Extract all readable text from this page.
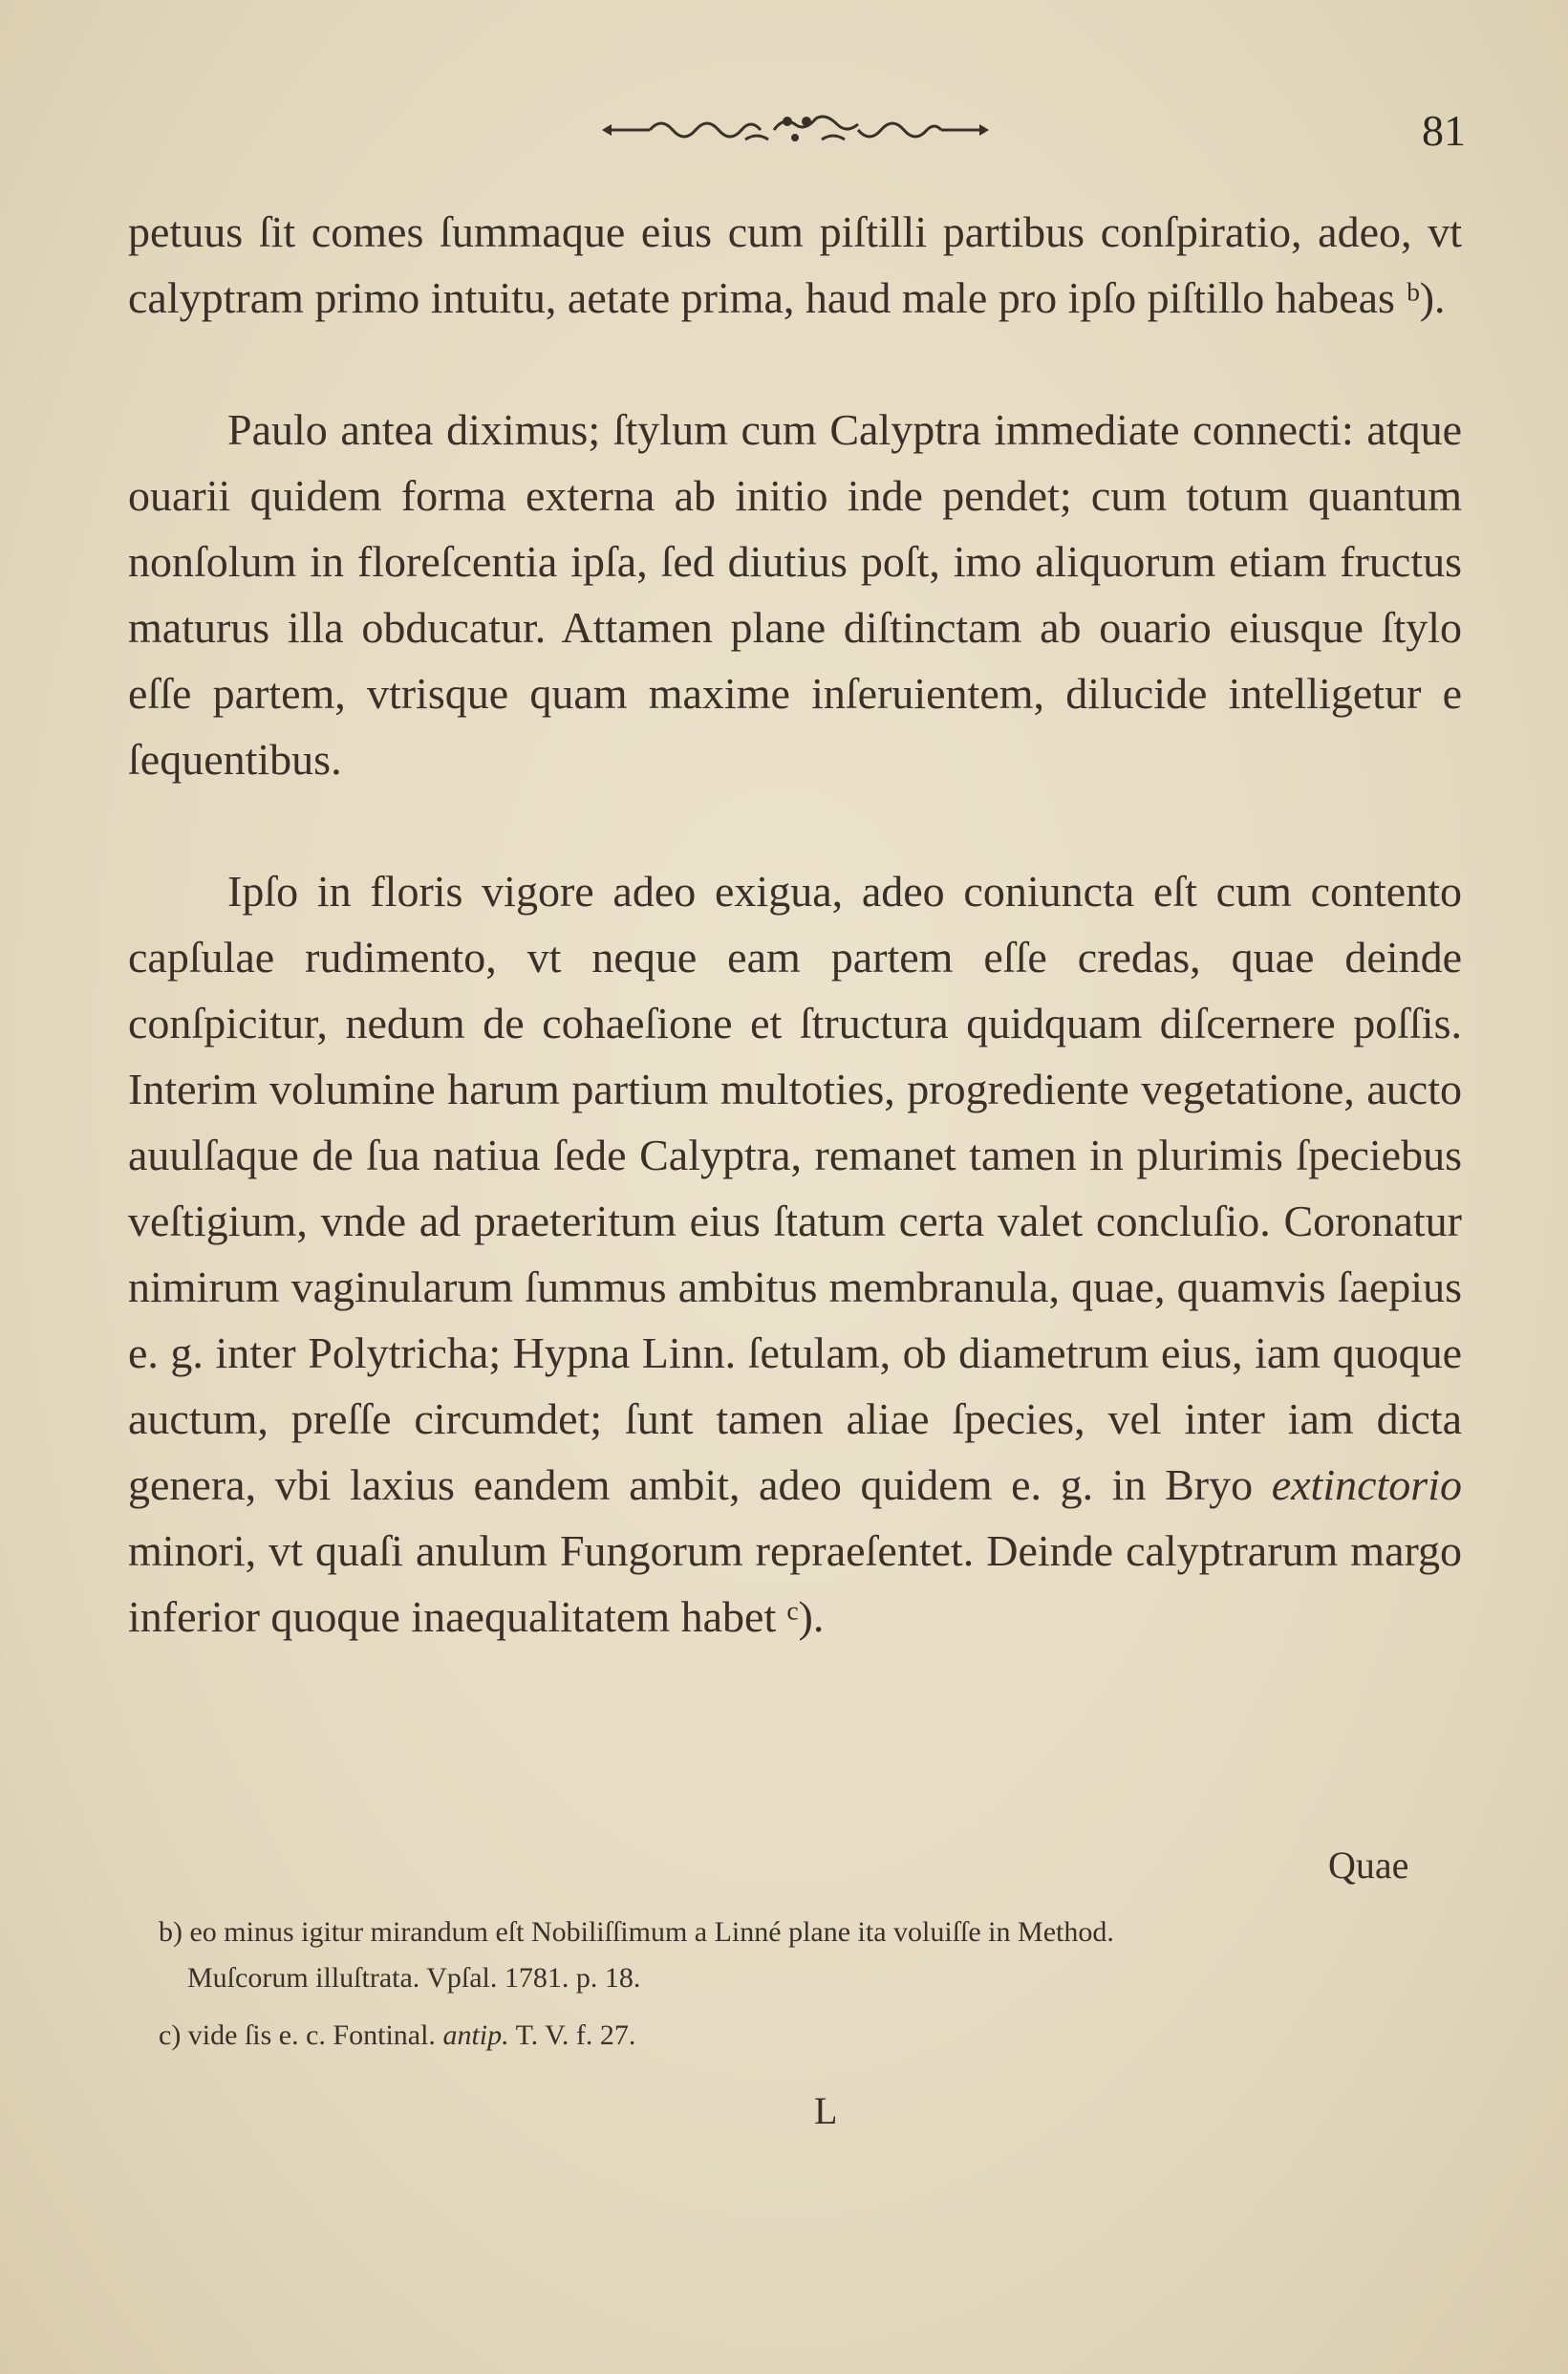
81

petuus ſit comes ſummaque eius cum piſtilli partibus conſpiratio, adeo, vt calyptram primo intuitu, aetate prima, haud male pro ipſo piſtillo habeas ᵇ).

Paulo antea diximus; ſtylum cum Calyptra immediate connecti: atque ouarii quidem forma externa ab initio inde pendet; cum totum quantum nonſolum in floreſcentia ipſa, ſed diutius poſt, imo aliquorum etiam fructus maturus illa obducatur. Attamen plane diſtinctam ab ouario eiusque ſtylo eſſe partem, vtrisque quam maxime inſeruientem, dilucide intelligetur e ſequentibus.

Ipſo in floris vigore adeo exigua, adeo coniuncta eſt cum contento capſulae rudimento, vt neque eam partem eſſe credas, quae deinde conſpicitur, nedum de cohaeſione et ſtructura quidquam diſcernere poſſis. Interim volumine harum partium multoties, progrediente vegetatione, aucto auulſaque de ſua natiua ſede Calyptra, remanet tamen in plurimis ſpeciebus veſtigium, vnde ad praeteritum eius ſtatum certa valet concluſio. Coronatur nimirum vaginularum ſummus ambitus membranula, quae, quamvis ſaepius e. g. inter Polytricha; Hypna Linn. ſetulam, ob diametrum eius, iam quoque auctum, preſſe circumdet; ſunt tamen aliae ſpecies, vel inter iam dicta genera, vbi laxius eandem ambit, adeo quidem e. g. in Bryo extinctorio minori, vt quaſi anulum Fungorum repraeſentet. Deinde calyptrarum margo inferior quoque inaequalitatem habet ᶜ).

Quae

b) eo minus igitur mirandum eſt Nobiliſſimum a Linné plane ita voluiſſe in Method.
Muſcorum illuſtrata. Vpſal. 1781. p. 18.

c) vide ſis e. c. Fontinal. antip. T. V. f. 27.

L
